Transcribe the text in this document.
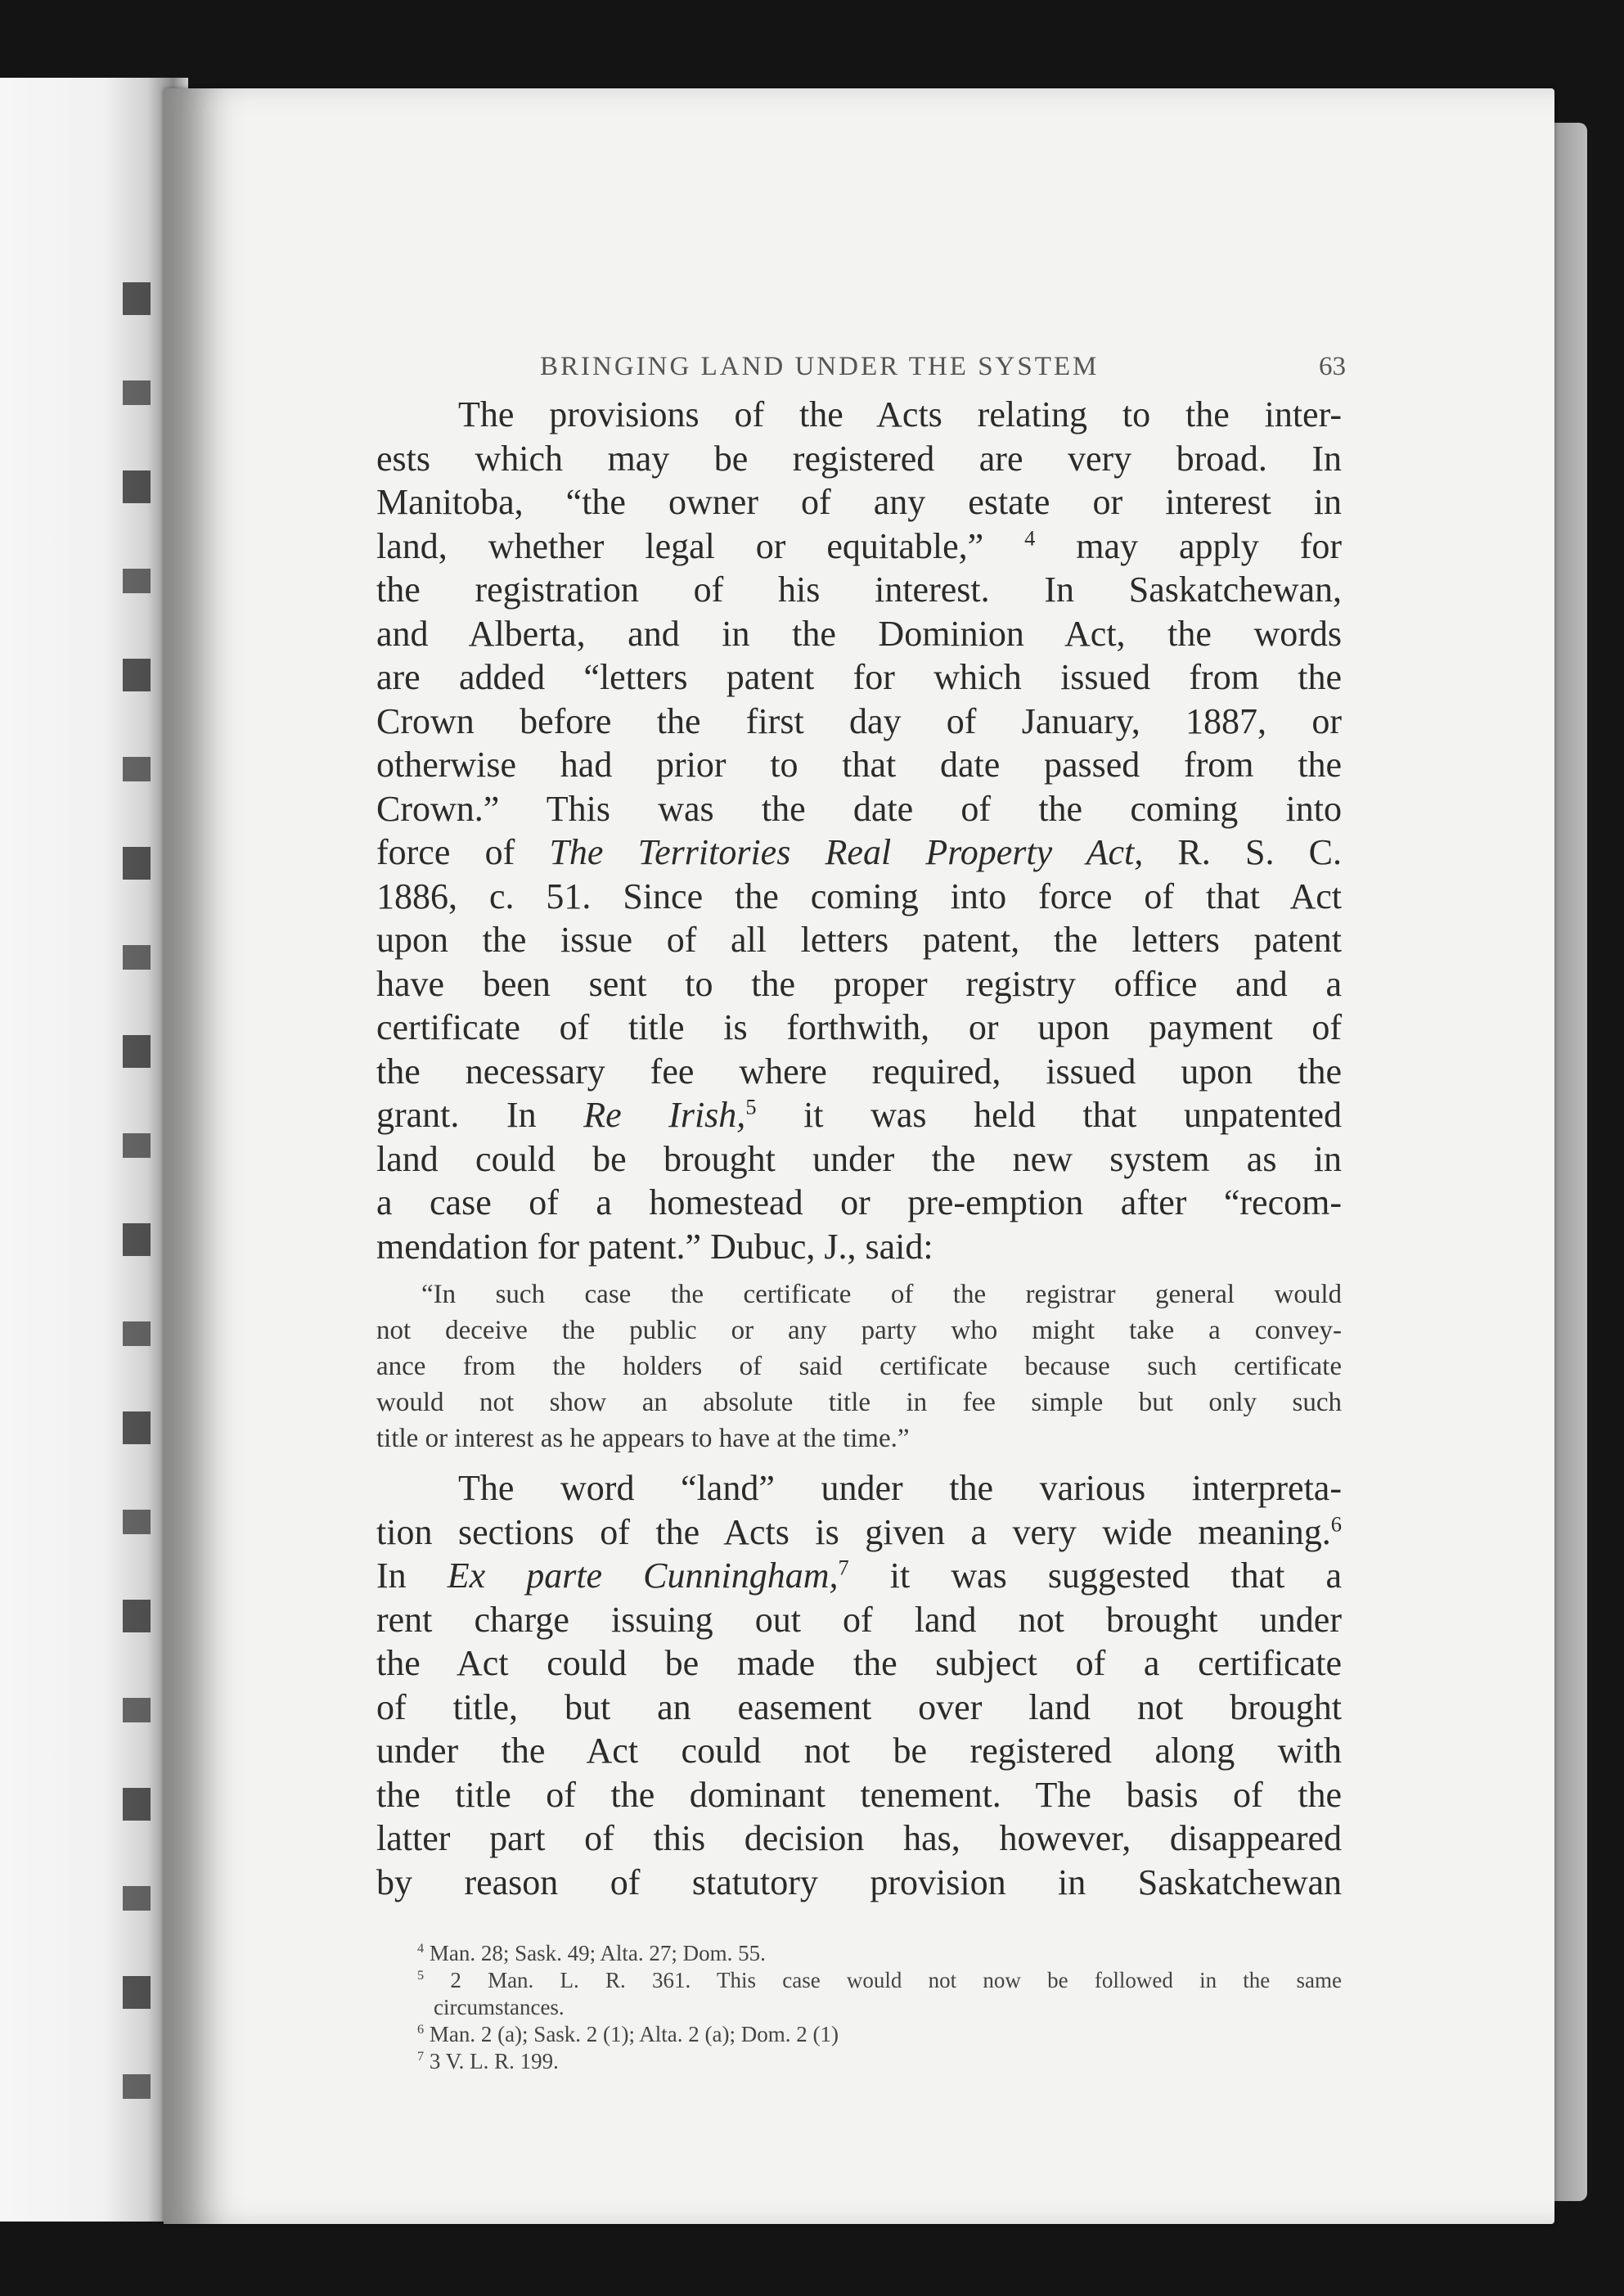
BRINGING LAND UNDER THE SYSTEM	63
The provisions of the Acts relating to the inter-
ests which may be registered are very broad. In
Manitoba, “the owner of any estate or interest in
land, whether legal or equitable,” $^4$ may apply for
the registration of his interest. In Saskatchewan,
and Alberta, and in the Dominion Act, the words
are added “letters patent for which issued from the
Crown before the first day of January, 1887, or
otherwise had prior to that date passed from the
Crown.” This was the date of the coming into
force of The Territories Real Property Act, R. S. C.
1886, c. 51. Since the coming into force of that Act
upon the issue of all letters patent, the letters patent
have been sent to the proper registry office and a
certificate of title is forthwith, or upon payment of
the necessary fee where required, issued upon the
grant. In Re Irish,$^5$ it was held that unpatented
land could be brought under the new system as in
a case of a homestead or pre-emption after “recom-
mendation for patent.” Dubuc, J., said:
“In such case the certificate of the registrar general would
not deceive the public or any party who might take a convey-
ance from the holders of said certificate because such certificate
would not show an absolute title in fee simple but only such
title or interest as he appears to have at the time.”
The word “land” under the various interpreta-
tion sections of the Acts is given a very wide meaning.$^6$
In Ex parte Cunningham,$^7$ it was suggested that a
rent charge issuing out of land not brought under
the Act could be made the subject of a certificate
of title, but an easement over land not brought
under the Act could not be registered along with
the title of the dominant tenement. The basis of the
latter part of this decision has, however, disappeared
by reason of statutory provision in Saskatchewan
$^4$ Man. 28; Sask. 49; Alta. 27; Dom. 55.
$^5$ 2 Man. L. R. 361. This case would not now be followed in the same
circumstances.
$^6$ Man. 2 (a); Sask. 2 (1); Alta. 2 (a); Dom. 2 (1)
$^7$ 3 V. L. R. 199.
